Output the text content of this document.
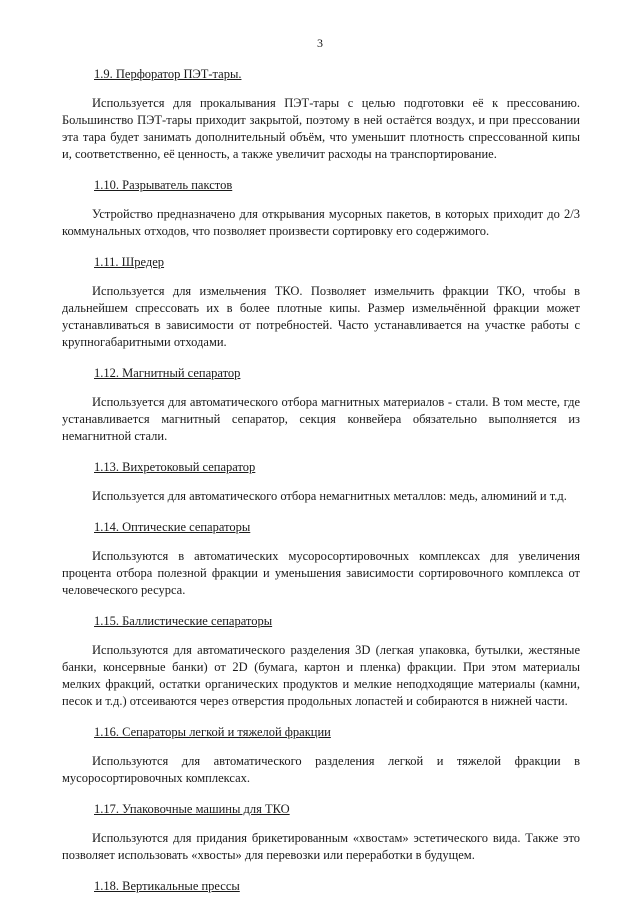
3
1.9. Перфоратор ПЭТ-тары.
Используется для прокалывания ПЭТ-тары с целью подготовки её к прессованию. Большинство ПЭТ-тары приходит закрытой, поэтому в ней остаётся воздух, и при прессовании эта тара будет занимать дополнительный объём, что уменьшит плотность спрессованной кипы и, соответственно, её ценность, а также увеличит расходы на транспортирование.
1.10. Разрыватель пакстов
Устройство предназначено для открывания мусорных пакетов, в которых приходит до 2/3 коммунальных отходов, что позволяет произвести сортировку его содержимого.
1.11. Шредер
Используется для измельчения ТКО. Позволяет измельчить фракции ТКО, чтобы в дальнейшем спрессовать их в более плотные кипы. Размер измельчённой фракции может устанавливаться в зависимости от потребностей. Часто устанавливается на участке работы с крупногабаритными отходами.
1.12. Магнитный сепаратор
Используется для автоматического отбора магнитных материалов - стали. В том месте, где устанавливается магнитный сепаратор, секция конвейера обязательно выполняется из немагнитной стали.
1.13. Вихретоковый сепаратор
Используется для автоматического отбора немагнитных металлов: медь, алюминий и т.д.
1.14. Оптические сепараторы
Используются в автоматических мусоросортировочных комплексах для увеличения процента отбора полезной фракции и уменьшения зависимости сортировочного комплекса от человеческого ресурса.
1.15. Баллистические сепараторы
Используются для автоматического разделения 3D (легкая упаковка, бутылки, жестяные банки, консервные банки) от 2D (бумага, картон и пленка) фракции. При этом материалы мелких фракций, остатки органических продуктов и мелкие неподходящие материалы (камни, песок и т.д.) отсеиваются через отверстия продольных лопастей и собираются в нижней части.
1.16. Сепараторы легкой и тяжелой фракции
Используются для автоматического разделения легкой и тяжелой фракции в мусоросортировочных комплексах.
1.17. Упаковочные машины для ТКО
Используются для придания брикетированным «хвостам» эстетического вида. Также это позволяет использовать «хвосты» для перевозки или переработки в будущем.
1.18. Вертикальные прессы
